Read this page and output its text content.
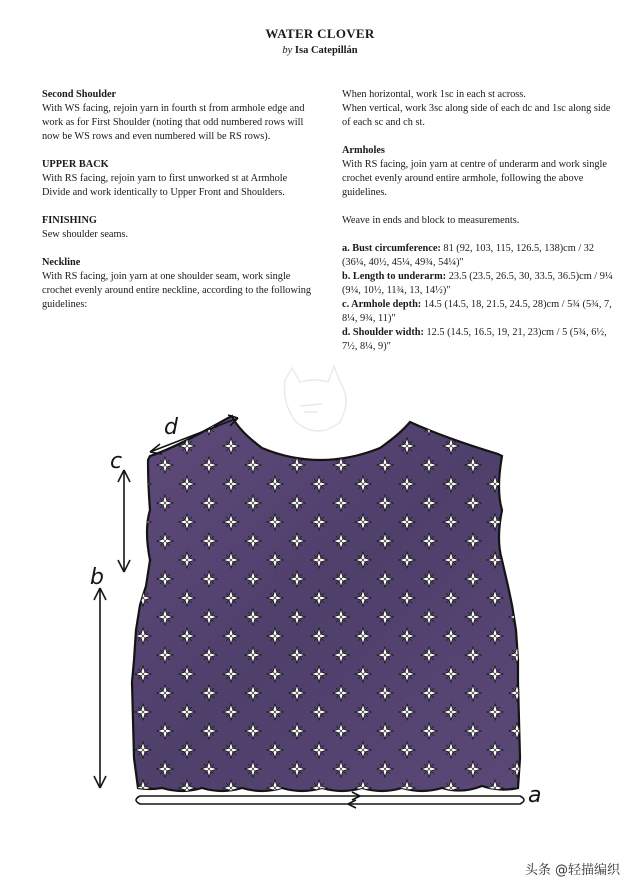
WATER CLOVER
by Isa Catepillán
Second Shoulder
With WS facing, rejoin yarn in fourth st from armhole edge and work as for First Shoulder (noting that odd numbered rows will now be WS rows and even numbered will be RS rows).
UPPER BACK
With RS facing, rejoin yarn to first unworked st at Armhole Divide and work identically to Upper Front and Shoulders.
FINISHING
Sew shoulder seams.
Neckline
With RS facing, join yarn at one shoulder seam, work single crochet evenly around entire neckline, according to the following guidelines:
When horizontal, work 1sc in each st across.
When vertical, work 3sc along side of each dc and 1sc along side of each sc and ch st.
Armholes
With RS facing, join yarn at centre of underarm and work single crochet evenly around entire armhole, following the above guidelines.
Weave in ends and block to measurements.
a. Bust circumference: 81 (92, 103, 115, 126.5, 138)cm / 32 (36¼, 40½, 45¼, 49¾, 54¼)"
b. Length to underarm: 23.5 (23.5, 26.5, 30, 33.5, 36.5)cm / 9¼ (9¼, 10½, 11¾, 13, 14½)"
c. Armhole depth: 14.5 (14.5, 18, 21.5, 24.5, 28)cm / 5¾ (5¾, 7, 8¼, 9¾, 11)"
d. Shoulder width: 12.5 (14.5, 16.5, 19, 21, 23)cm / 5 (5¾, 6½, 7½, 8¼, 9)"
d
c
b
a
头条 @轻描编织
